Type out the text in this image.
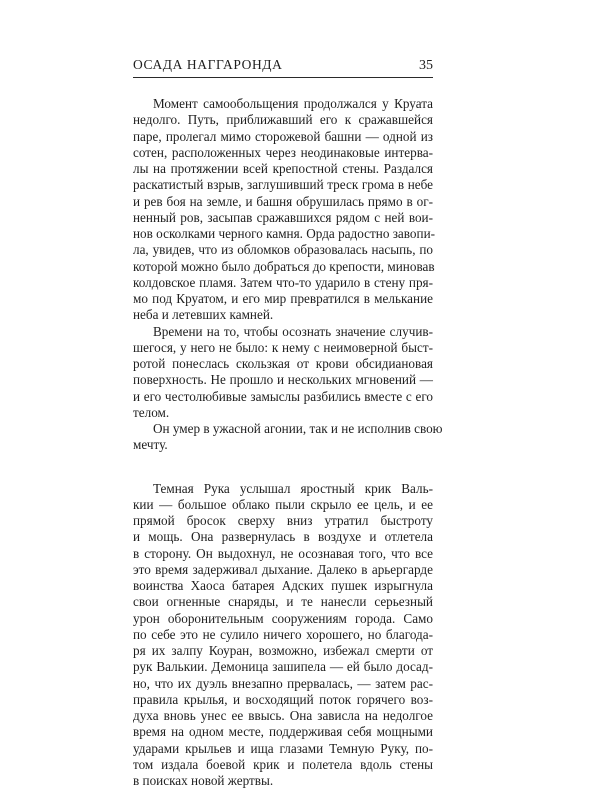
ОСАДА НАГГАРОНДА	35
Момент самообольщения продолжался у Круата
недолго. Путь, приближавший его к сражавшейся
паре, пролегал мимо сторожевой башни — одной из
сотен, расположенных через неодинаковые интерва-
лы на протяжении всей крепостной стены. Раздался
раскатистый взрыв, заглушивший треск грома в небе
и рев боя на земле, и башня обрушилась прямо в ог-
ненный ров, засыпав сражавшихся рядом с ней вои-
нов осколками черного камня. Орда радостно завопи-
ла, увидев, что из обломков образовалась насыпь, по
которой можно было добраться до крепости, миновав
колдовское пламя. Затем что-то ударило в стену пря-
мо под Круатом, и его мир превратился в мелькание
неба и летевших камней.
Времени на то, чтобы осознать значение случив-
шегося, у него не было: к нему с неимоверной быст-
ротой понеслась скользкая от крови обсидиановая
поверхность. Не прошло и нескольких мгновений —
и его честолюбивые замыслы разбились вместе с его
телом.
Он умер в ужасной агонии, так и не исполнив свою
мечту.
Темная Рука услышал яростный крик Валь-
кии — большое облако пыли скрыло ее цель, и ее
прямой бросок сверху вниз утратил быстроту
и мощь. Она развернулась в воздухе и отлетела
в сторону. Он выдохнул, не осознавая того, что все
это время задерживал дыхание. Далеко в арьергарде
воинства Хаоса батарея Адских пушек изрыгнула
свои огненные снаряды, и те нанесли серьезный
урон оборонительным сооружениям города. Само
по себе это не сулило ничего хорошего, но благода-
ря их залпу Коуран, возможно, избежал смерти от
рук Валькии. Демоница зашипела — ей было досад-
но, что их дуэль внезапно прервалась, — затем рас-
правила крылья, и восходящий поток горячего воз-
духа вновь унес ее ввысь. Она зависла на недолгое
время на одном месте, поддерживая себя мощными
ударами крыльев и ища глазами Темную Руку, по-
том издала боевой крик и полетела вдоль стены
в поисках новой жертвы.
